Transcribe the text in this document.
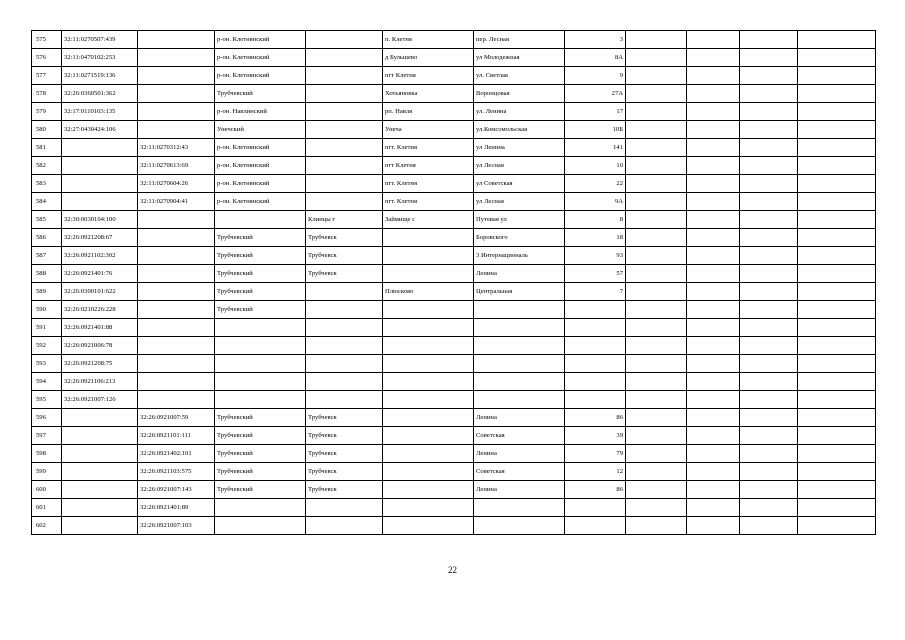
575	32:11:0270507:439		р-он. Клетнянский		п. Клетня	пер. Лесная	3				
576	32:11:0470102:253		р-он. Клетнянский		д Бульшево	ул Молодежная	8А				
577	32:11:0271519:136		р-он. Клетнянский		пгт Клетня	ул. Светлая	9				
578	32:26:0360501:362		Трубчевский		Хотьяновка	Воронцовая	27А				
579	32:17:0110103:135		р-он. Навлинский		рп. Навля	ул. Ленина	17				
580	32:27:0430424:106		Унечский		Унеча	ул.Комсомольская	10Б				
581		32:11:0270312:43	р-он. Клетнянский		пгт. Клетня	ул Ленина	141				
582		32:11:0270613:69	р-он. Клетнянский		пгт Клетня	ул Лесная	10				
583		32:11:0270604:26	р-он. Клетнянский		пгт. Клетня	ул Советская	22				
584		32:11:0270904:41	р-он. Клетнянский		пгт. Клетня	ул Лесная	9А				
585	32:30:0030104:100			Клинцы г	Займище с	Путевая ул	8				
586	32:26:0921208:67		Трубчевский	Трубчевск		Боровского	18				
587	32:26:0921102:302		Трубчевский	Трубчевск		3 Интернациональ	93				
588	32:26:0921401:76		Трубчевский	Трубчевск		Ленина	57				
589	32:26:0300101:622		Трубчевский		Плюсково	Центральная	7				
590	32:26:0210226:228		Трубчевский								
591	32:26:0921401:88										
592	32:26:0921006:78										
593	32:26:0921208:75										
594	32:26:0921106:213										
595	32:26:0921007:126										
596		32:26:0921007:59	Трубчевский	Трубчевск		Ленина	86				
597		32:26:0921101:111	Трубчевский	Трубчевск		Советская	39				
598		32:26:0921402:101	Трубчевский	Трубчевск		Ленина	79				
599		32:26:0921103:575	Трубчевский	Трубчевск		Советская	12				
600		32:26:0921007:143	Трубчевский	Трубчевск		Ленина	86				
601		32:26:0921401:89									
602		32:26:0921007:103									
22
